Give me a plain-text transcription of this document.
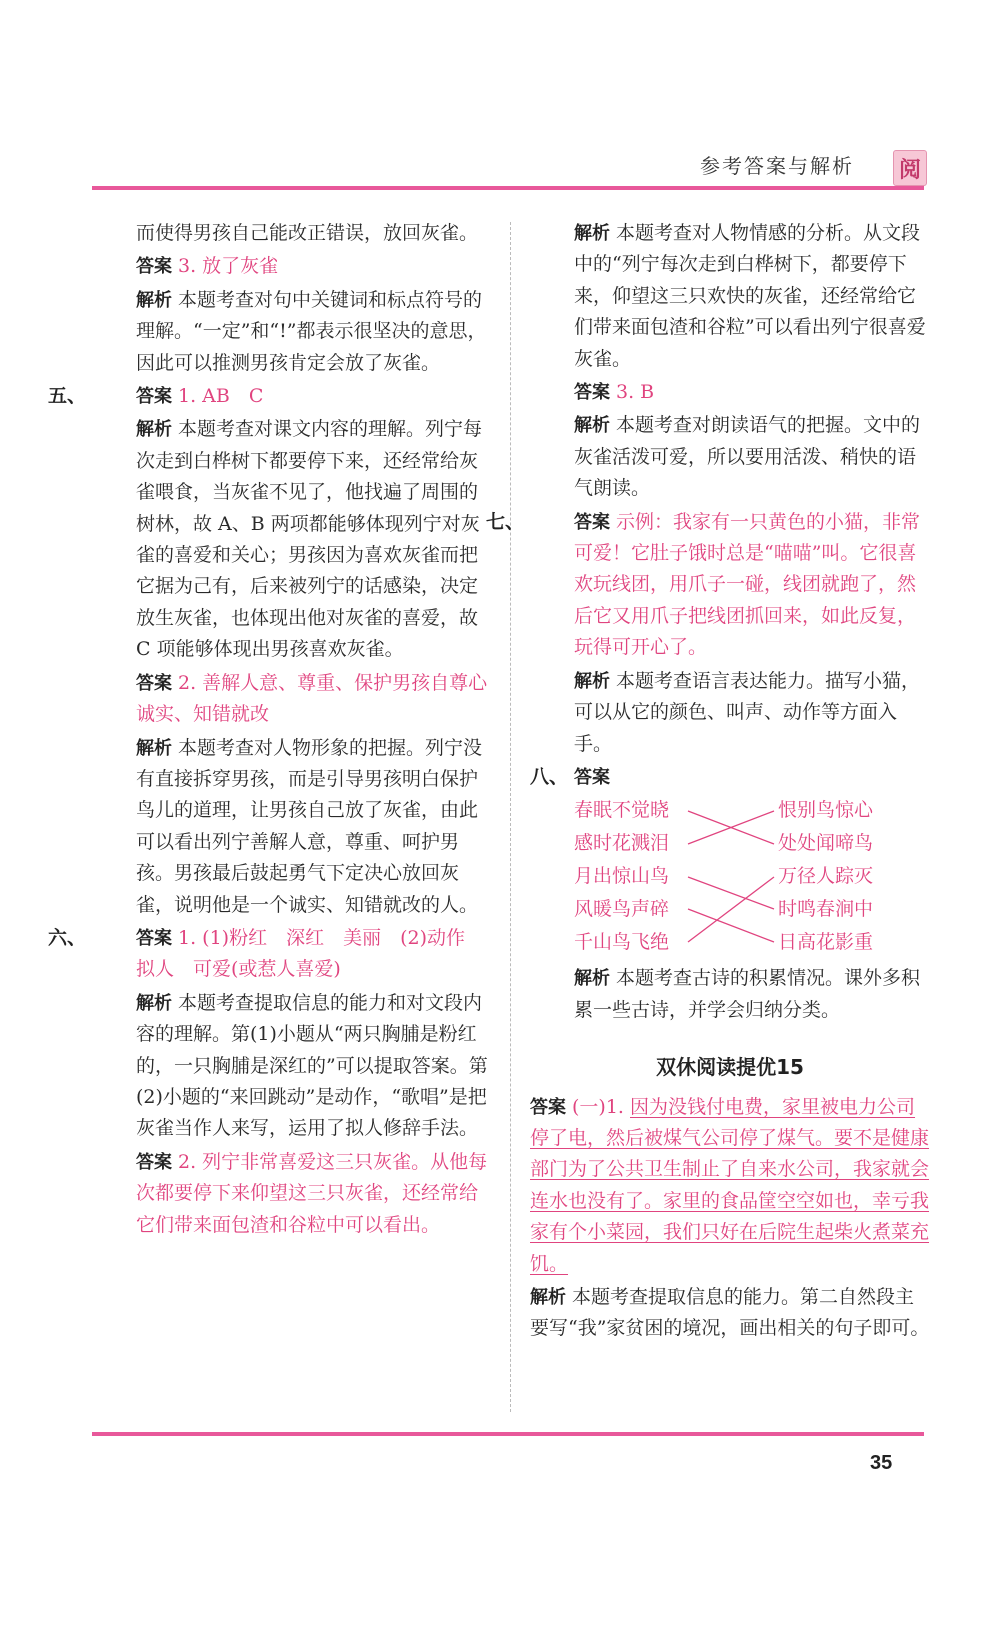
参考答案与解析	阅

而使得男孩自己能改正错误，放回灰雀。

答案 3. 放了灰雀

解析 本题考查对句中关键词和标点符号的理解。“一定”和“!”都表示很坚决的意思，因此可以推测男孩肯定会放了灰雀。

五、	答案 1. AB　C

解析 本题考查对课文内容的理解。列宁每次走到白桦树下都要停下来，还经常给灰雀喂食，当灰雀不见了，他找遍了周围的树林，故 A、B 两项都能够体现列宁对灰雀的喜爱和关心；男孩因为喜欢灰雀而把它据为己有，后来被列宁的话感染，决定放生灰雀，也体现出他对灰雀的喜爱，故 C 项能够体现出男孩喜欢灰雀。

答案 2. 善解人意、尊重、保护男孩自尊心　诚实、知错就改

解析 本题考查对人物形象的把握。列宁没有直接拆穿男孩，而是引导男孩明白保护鸟儿的道理，让男孩自己放了灰雀，由此可以看出列宁善解人意，尊重、呵护男孩。男孩最后鼓起勇气下定决心放回灰雀，说明他是一个诚实、知错就改的人。

六、	答案 1. (1)粉红　深红　美丽　(2)动作　拟人　可爱(或惹人喜爱)

解析 本题考查提取信息的能力和对文段内容的理解。第(1)小题从“两只胸脯是粉红的，一只胸脯是深红的”可以提取答案。第(2)小题的“来回跳动”是动作，“歌唱”是把灰雀当作人来写，运用了拟人修辞手法。

答案 2. 列宁非常喜爱这三只灰雀。从他每次都要停下来仰望这三只灰雀，还经常给它们带来面包渣和谷粒中可以看出。

解析 本题考查对人物情感的分析。从文段中的“列宁每次走到白桦树下，都要停下来，仰望这三只欢快的灰雀，还经常给它们带来面包渣和谷粒”可以看出列宁很喜爱灰雀。

答案 3. B

解析 本题考查对朗读语气的把握。文中的灰雀活泼可爱，所以要用活泼、稍快的语气朗读。

七、	答案 示例：我家有一只黄色的小猫，非常可爱！它肚子饿时总是“喵喵”叫。它很喜欢玩线团，用爪子一碰，线团就跑了，然后它又用爪子把线团抓回来，如此反复，玩得可开心了。

解析 本题考查语言表达能力。描写小猫，可以从它的颜色、叫声、动作等方面入手。

八、 答案

春眠不觉晓
感时花溅泪
月出惊山鸟
风暖鸟声碎
千山鸟飞绝
恨别鸟惊心
处处闻啼鸟
万径人踪灭
时鸣春涧中
日高花影重

解析 本题考查古诗的积累情况。课外多积累一些古诗，并学会归纳分类。

双休阅读提优15

答案 (一)1. 因为没钱付电费，家里被电力公司停了电，然后被煤气公司停了煤气。要不是健康部门为了公共卫生制止了自来水公司，我家就会连水也没有了。家里的食品筐空空如也，幸亏我家有个小菜园，我们只好在后院生起柴火煮菜充饥。

解析 本题考查提取信息的能力。第二自然段主要写“我”家贫困的境况，画出相关的句子即可。

35
